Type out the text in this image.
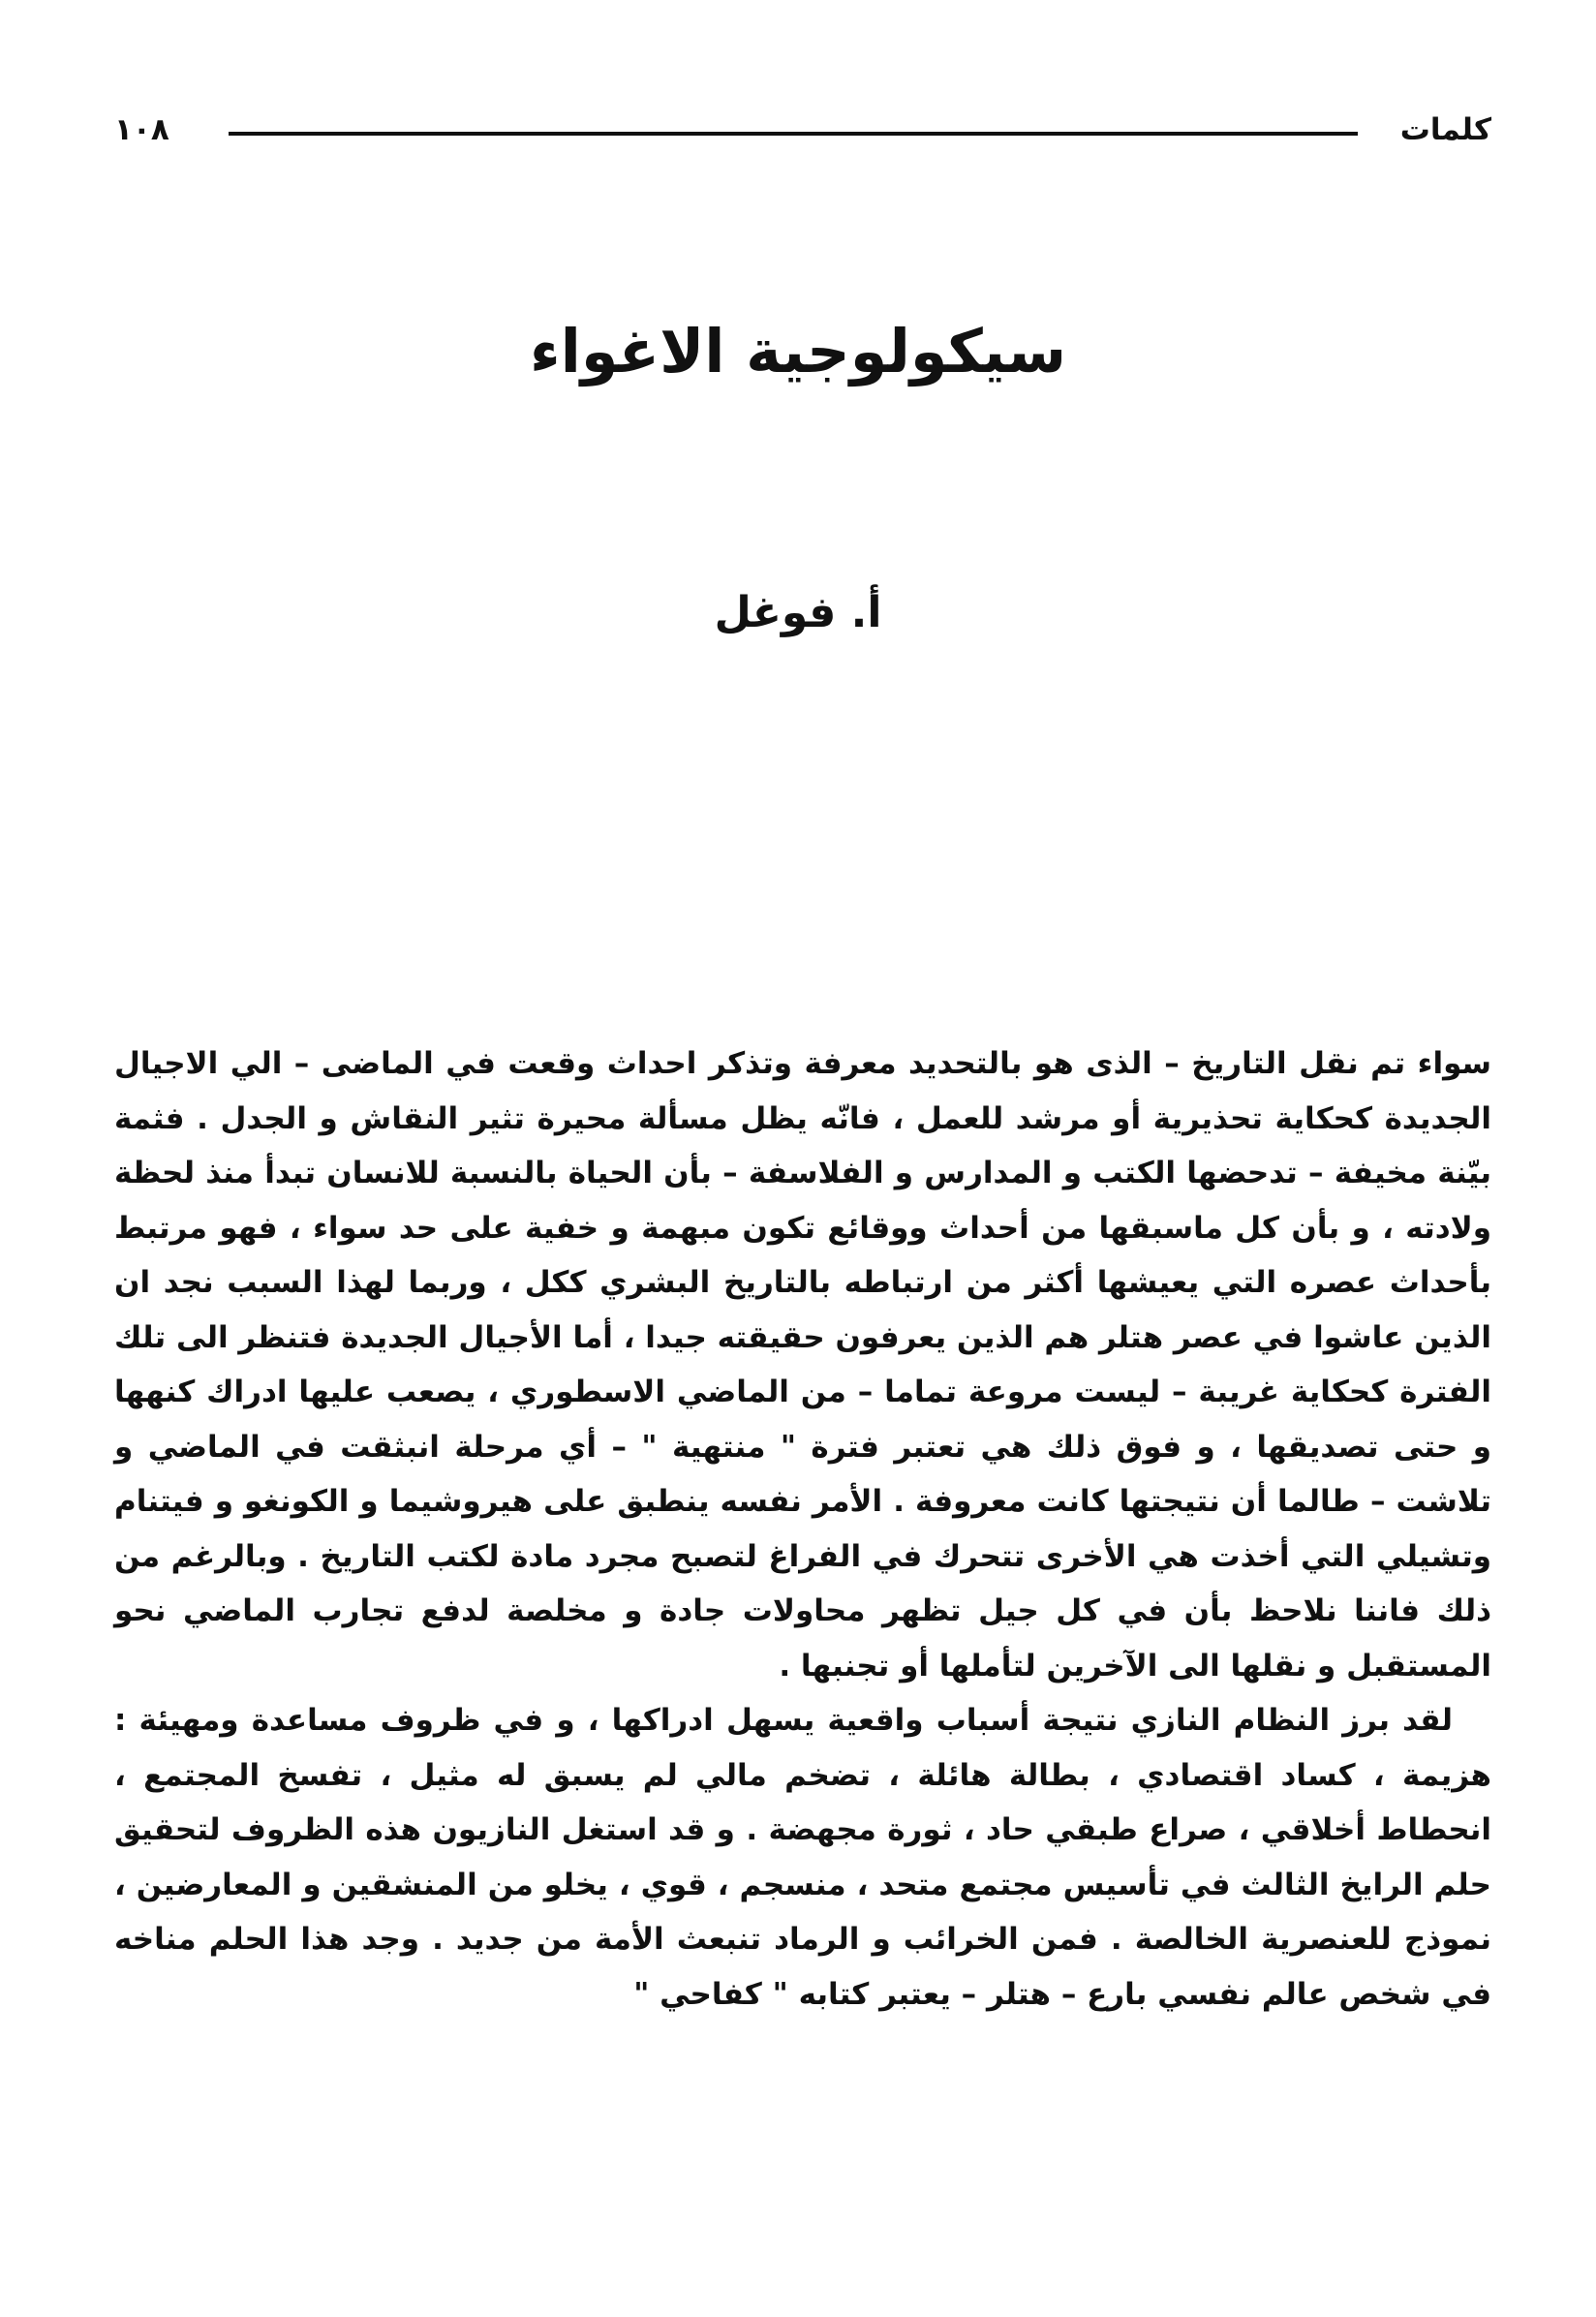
كلمات
١٠٨
سيكولوجية الاغواء
أ. فوغل

سواء تم نقل التاريخ – الذى هو بالتحديد معرفة وتذكر احداث وقعت في الماضى – الي الاجيال الجديدة كحكاية تحذيرية أو مرشد للعمل ، فانّه يظل مسألة محيرة تثير النقاش و الجدل . فثمة بيّنة مخيفة – تدحضها الكتب و المدارس و الفلاسفة – بأن الحياة بالنسبة للانسان تبدأ منذ لحظة ولادته ، و بأن كل ماسبقها من أحداث ووقائع تكون مبهمة و خفية على حد سواء ، فهو مرتبط بأحداث عصره التي يعيشها أكثر من ارتباطه بالتاريخ البشري ككل ، وربما لهذا السبب نجد ان الذين عاشوا في عصر هتلر هم الذين يعرفون حقيقته جيدا ، أما الأجيال الجديدة فتنظر الى تلك الفترة كحكاية غريبة – ليست مروعة تماما – من الماضي الاسطوري ، يصعب عليها ادراك كنهها و حتى تصديقها ، و فوق ذلك هي تعتبر فترة " منتهية " – أي مرحلة انبثقت في الماضي و تلاشت – طالما أن نتيجتها كانت معروفة . الأمر نفسه ينطبق على هيروشيما و الكونغو و فيتنام وتشيلي التي أخذت هي الأخرى تتحرك في الفراغ لتصبح مجرد مادة لكتب التاريخ . وبالرغم من ذلك فاننا نلاحظ بأن في كل جيل تظهر محاولات جادة و مخلصة لدفع تجارب الماضي نحو المستقبل و نقلها الى الآخرين لتأملها أو تجنبها .

لقد برز النظام النازي نتيجة أسباب واقعية يسهل ادراكها ، و في ظروف مساعدة ومهيئة : هزيمة ، كساد اقتصادي ، بطالة هائلة ، تضخم مالي لم يسبق له مثيل ، تفسخ المجتمع ، انحطاط أخلاقي ، صراع طبقي حاد ، ثورة مجهضة . و قد استغل النازيون هذه الظروف لتحقيق حلم الرايخ الثالث في تأسيس مجتمع متحد ، منسجم ، قوي ، يخلو من المنشقين و المعارضين ، نموذج للعنصرية الخالصة . فمن الخرائب و الرماد تنبعث الأمة من جديد . وجد هذا الحلم مناخه في شخص عالم نفسي بارع – هتلر – يعتبر كتابه " كفاحي "
